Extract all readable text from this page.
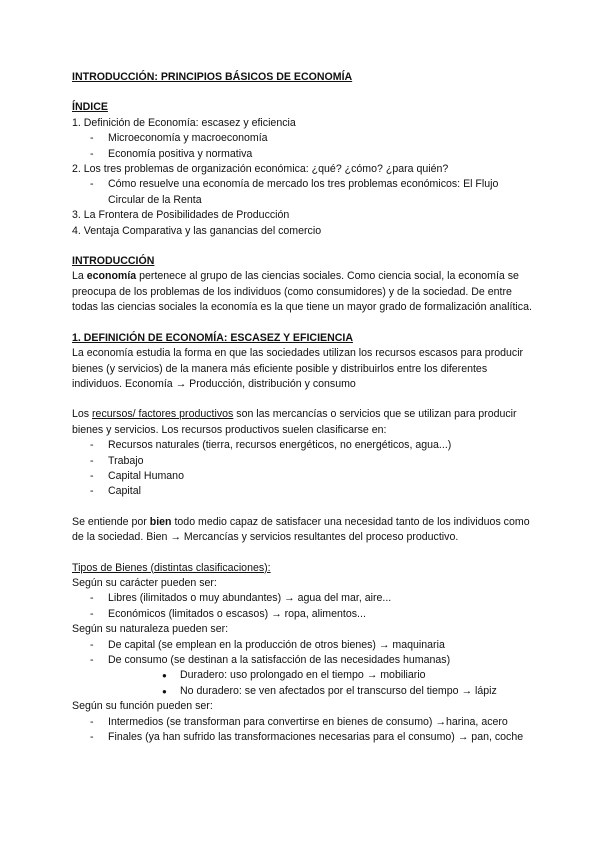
INTRODUCCIÓN: PRINCIPIOS BÁSICOS DE ECONOMÍA
ÍNDICE
1. Definición de Economía: escasez y eficiencia
- Microeconomía y macroeconomía
- Economía positiva y normativa
2. Los tres problemas de organización económica: ¿qué? ¿cómo? ¿para quién?
- Cómo resuelve una economía de mercado los tres problemas económicos: El Flujo Circular de la Renta
3. La Frontera de Posibilidades de Producción
4. Ventaja Comparativa y las ganancias del comercio
INTRODUCCIÓN
La economía pertenece al grupo de las ciencias sociales. Como ciencia social, la economía se preocupa de los problemas de los individuos (como consumidores) y de la sociedad. De entre todas las ciencias sociales la economía es la que tiene un mayor grado de formalización analítica.
1. DEFINICIÓN DE ECONOMÍA: ESCASEZ Y EFICIENCIA
La economía estudia la forma en que las sociedades utilizan los recursos escasos para producir bienes (y servicios) de la manera más eficiente posible y distribuirlos entre los diferentes individuos. Economía → Producción, distribución y consumo
Los recursos/ factores productivos son las mercancías o servicios que se utilizan para producir bienes y servicios. Los recursos productivos suelen clasificarse en:
- Recursos naturales (tierra, recursos energéticos, no energéticos, agua...)
- Trabajo
- Capital Humano
- Capital
Se entiende por bien todo medio capaz de satisfacer una necesidad tanto de los individuos como de la sociedad. Bien → Mercancías y servicios resultantes del proceso productivo.
Tipos de Bienes (distintas clasificaciones):
Según su carácter pueden ser:
- Libres (ilimitados o muy abundantes) → agua del mar, aire...
- Económicos (limitados o escasos) → ropa, alimentos...
Según su naturaleza pueden ser:
- De capital (se emplean en la producción de otros bienes) → maquinaria
- De consumo (se destinan a la satisfacción de las necesidades humanas)
● Duradero: uso prolongado en el tiempo → mobiliario
● No duradero: se ven afectados por el transcurso del tiempo → lápiz
Según su función pueden ser:
- Intermedios (se transforman para convertirse en bienes de consumo) →harina, acero
- Finales (ya han sufrido las transformaciones necesarias para el consumo) → pan, coche
